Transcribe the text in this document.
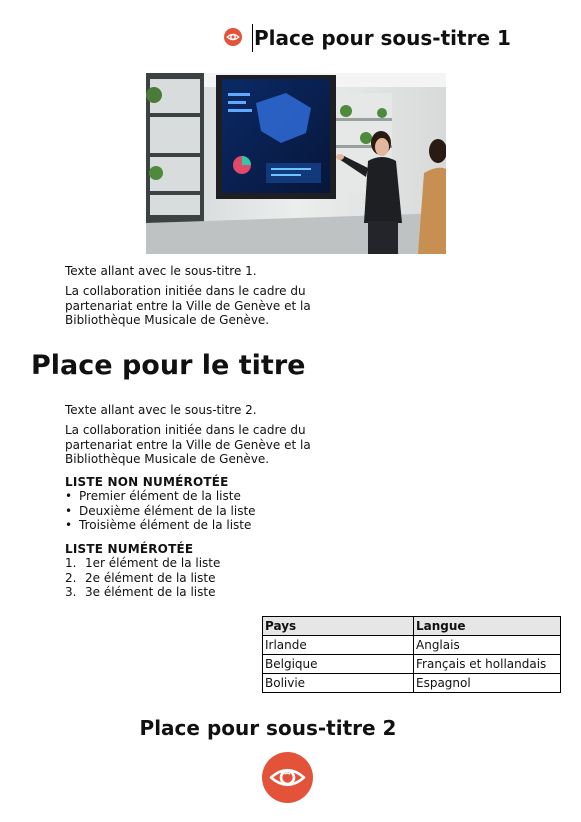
Place pour sous-titre 1
Texte allant avec le sous-titre 1.
La collaboration initiée dans le cadre du partenariat entre la Ville de Genève et la Bibliothèque Musicale de Genève.
Place pour le titre
Texte allant avec le sous-titre 2.
La collaboration initiée dans le cadre du partenariat entre la Ville de Genève et la Bibliothèque Musicale de Genève.
LISTE NON NUMÉROTÉE
• Premier élément de la liste
• Deuxième élément de la liste
• Troisième élément de la liste
LISTE NUMÉROTÉE
1. 1er élément de la liste
2. 2e élément de la liste
3. 3e élément de la liste
Pays	Langue
Irlande	Anglais
Belgique	Français et hollandais
Bolivie	Espagnol
Place pour sous-titre 2
